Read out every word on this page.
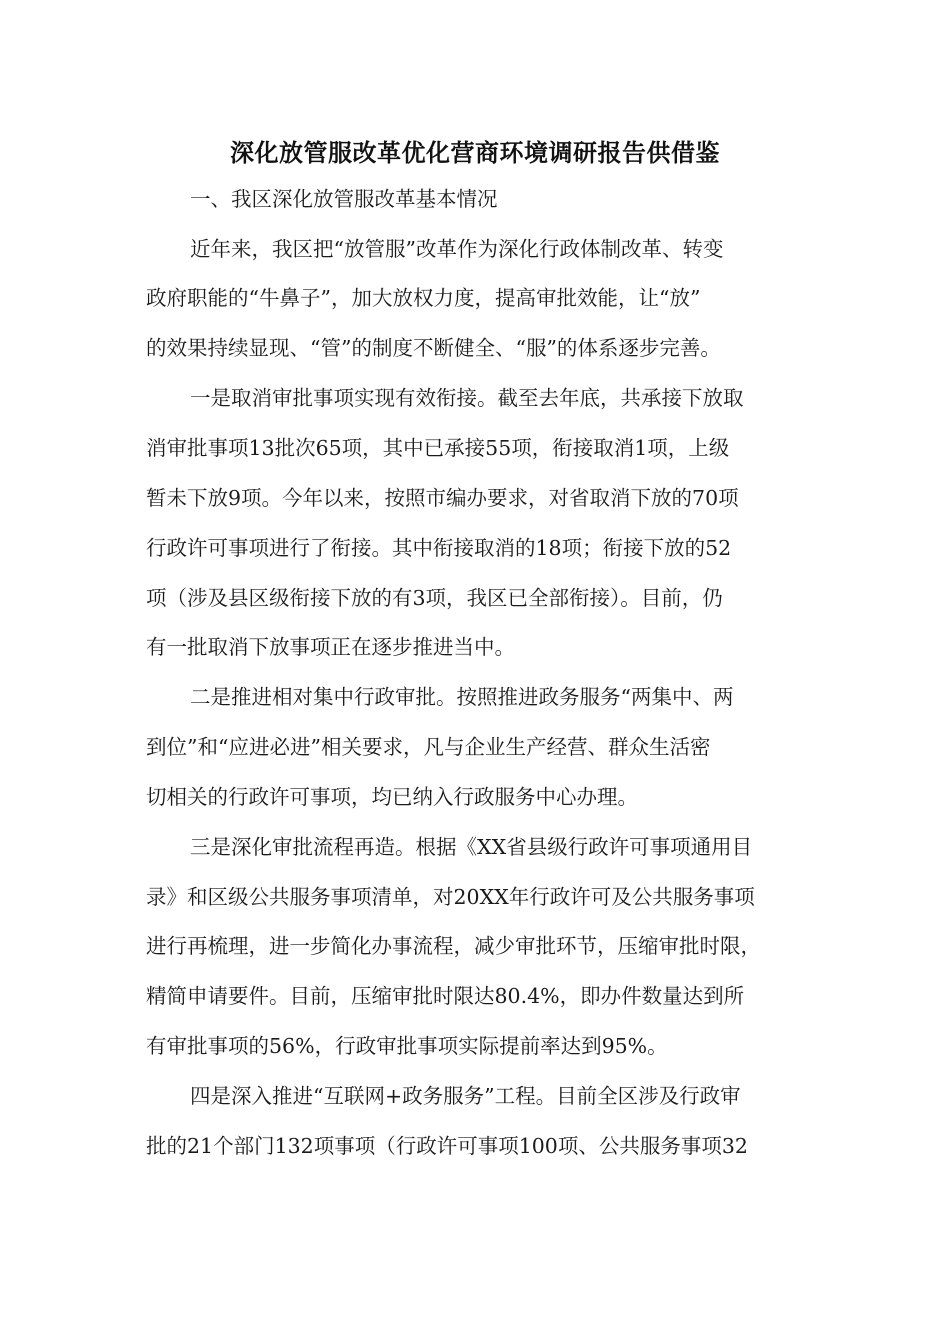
深化放管服改革优化营商环境调研报告供借鉴
一、我区深化放管服改革基本情况
近年来，我区把“放管服”改革作为深化行政体制改革、转变
政府职能的“牛鼻子”，加大放权力度，提高审批效能，让“放”
的效果持续显现、“管”的制度不断健全、“服”的体系逐步完善。
一是取消审批事项实现有效衔接。截至去年底，共承接下放取
消审批事项13批次65项，其中已承接55项，衔接取消1项，上级
暂未下放9项。今年以来，按照市编办要求，对省取消下放的70项
行政许可事项进行了衔接。其中衔接取消的18项；衔接下放的52
项（涉及县区级衔接下放的有3项，我区已全部衔接）。目前，仍
有一批取消下放事项正在逐步推进当中。
二是推进相对集中行政审批。按照推进政务服务“两集中、两
到位”和“应进必进”相关要求，凡与企业生产经营、群众生活密
切相关的行政许可事项，均已纳入行政服务中心办理。
三是深化审批流程再造。根据《XX省县级行政许可事项通用目
录》和区级公共服务事项清单，对20XX年行政许可及公共服务事项
进行再梳理，进一步简化办事流程，减少审批环节，压缩审批时限，
精简申请要件。目前，压缩审批时限达80.4%，即办件数量达到所
有审批事项的56%，行政审批事项实际提前率达到95%。
四是深入推进“互联网+政务服务”工程。目前全区涉及行政审
批的21个部门132项事项（行政许可事项100项、公共服务事项32
